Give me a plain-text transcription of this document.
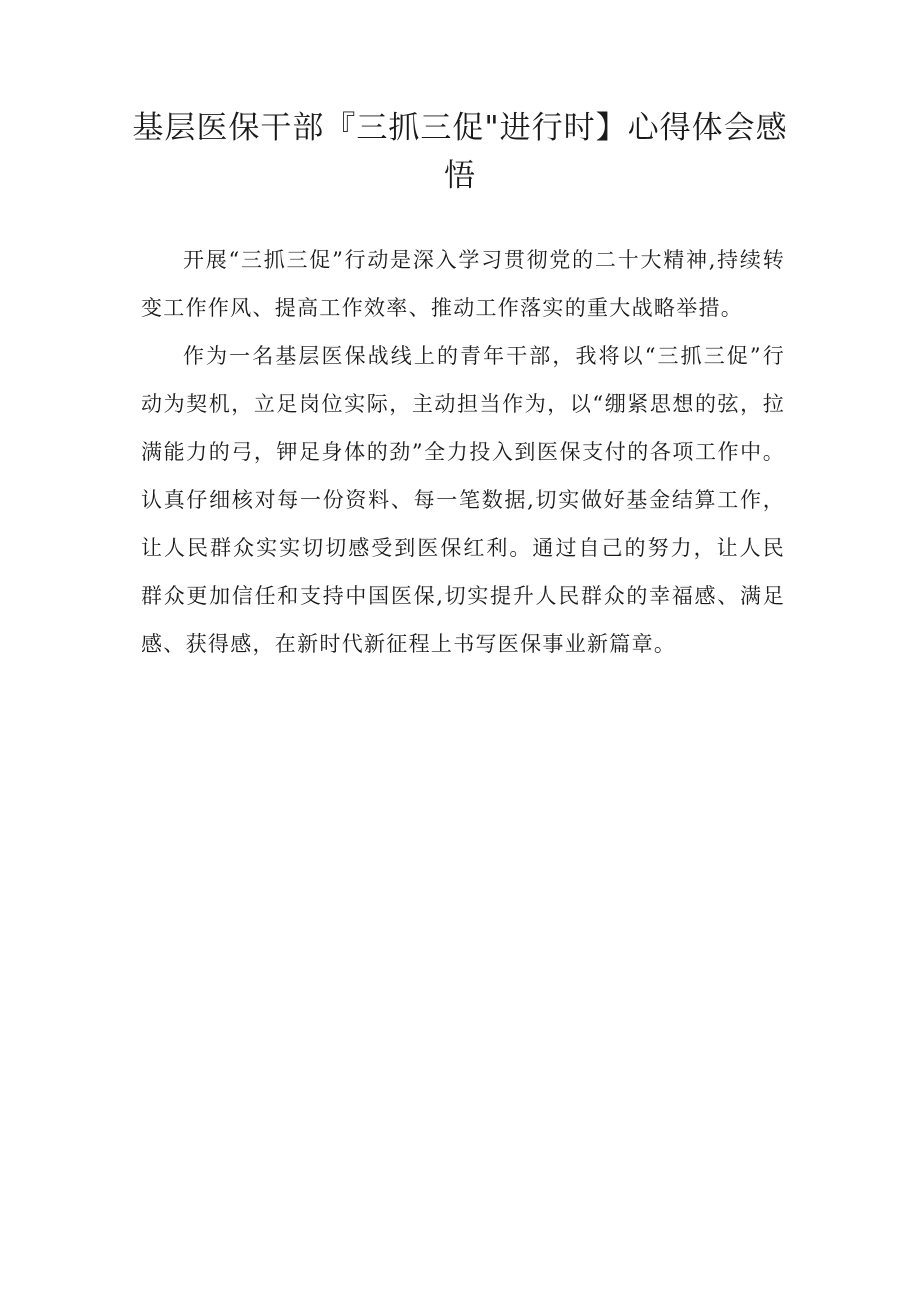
基层医保干部『三抓三促"进行时】心得体会感悟

开展“三抓三促”行动是深入学习贯彻党的二十大精神,持续转变工作作风、提高工作效率、推动工作落实的重大战略举措。

作为一名基层医保战线上的青年干部，我将以“三抓三促”行动为契机，立足岗位实际，主动担当作为，以“绷紧思想的弦，拉满能力的弓，钾足身体的劲”全力投入到医保支付的各项工作中。认真仔细核对每一份资料、每一笔数据,切实做好基金结算工作，让人民群众实实切切感受到医保红利。通过自己的努力，让人民群众更加信任和支持中国医保,切实提升人民群众的幸福感、满足感、获得感，在新时代新征程上书写医保事业新篇章。
